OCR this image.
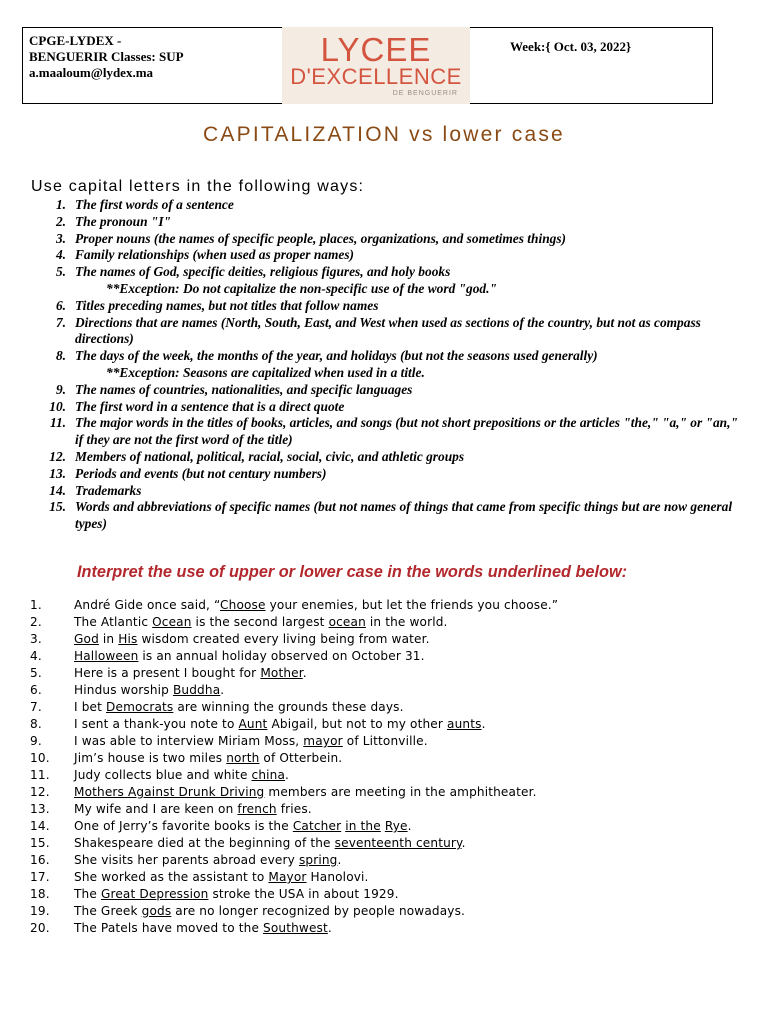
CPGE-LYDEX -
BENGUERIR Classes: SUP
a.maaloum@lydex.ma
LYCEE
D'EXCELLENCE
DE BENGUERIR
Week:{ Oct. 03, 2022}
CAPITALIZATION vs lower case
Use capital letters in the following ways:
1. The first words of a sentence
2. The pronoun "I"
3. Proper nouns (the names of specific people, places, organizations, and sometimes things)
4. Family relationships (when used as proper names)
5. The names of God, specific deities, religious figures, and holy books
**Exception: Do not capitalize the non-specific use of the word "god."
6. Titles preceding names, but not titles that follow names
7. Directions that are names (North, South, East, and West when used as sections of the country, but not as compass directions)
8. The days of the week, the months of the year, and holidays (but not the seasons used generally)
**Exception: Seasons are capitalized when used in a title.
9. The names of countries, nationalities, and specific languages
10. The first word in a sentence that is a direct quote
11. The major words in the titles of books, articles, and songs (but not short prepositions or the articles "the," "a," or "an," if they are not the first word of the title)
12. Members of national, political, racial, social, civic, and athletic groups
13. Periods and events (but not century numbers)
14. Trademarks
15. Words and abbreviations of specific names (but not names of things that came from specific things but are now general types)
Interpret the use of upper or lower case in the words underlined below:
1.	André Gide once said, “Choose your enemies, but let the friends you choose.”
2.	The Atlantic Ocean is the second largest ocean in the world.
3.	God in His wisdom created every living being from water.
4.	Halloween is an annual holiday observed on October 31.
5.	Here is a present I bought for Mother.
6.	Hindus worship Buddha.
7.	I bet Democrats are winning the grounds these days.
8.	I sent a thank-you note to Aunt Abigail, but not to my other aunts.
9.	I was able to interview Miriam Moss, mayor of Littonville.
10. Jim’s house is two miles north of Otterbein.
11. Judy collects blue and white china.
12. Mothers Against Drunk Driving members are meeting in the amphitheater.
13. My wife and I are keen on french fries.
14. One of Jerry’s favorite books is the Catcher in the Rye.
15. Shakespeare died at the beginning of the seventeenth century.
16. She visits her parents abroad every spring.
17. She worked as the assistant to Mayor Hanolovi.
18. The Great Depression stroke the USA in about 1929.
19. The Greek gods are no longer recognized by people nowadays.
20. The Patels have moved to the Southwest.
